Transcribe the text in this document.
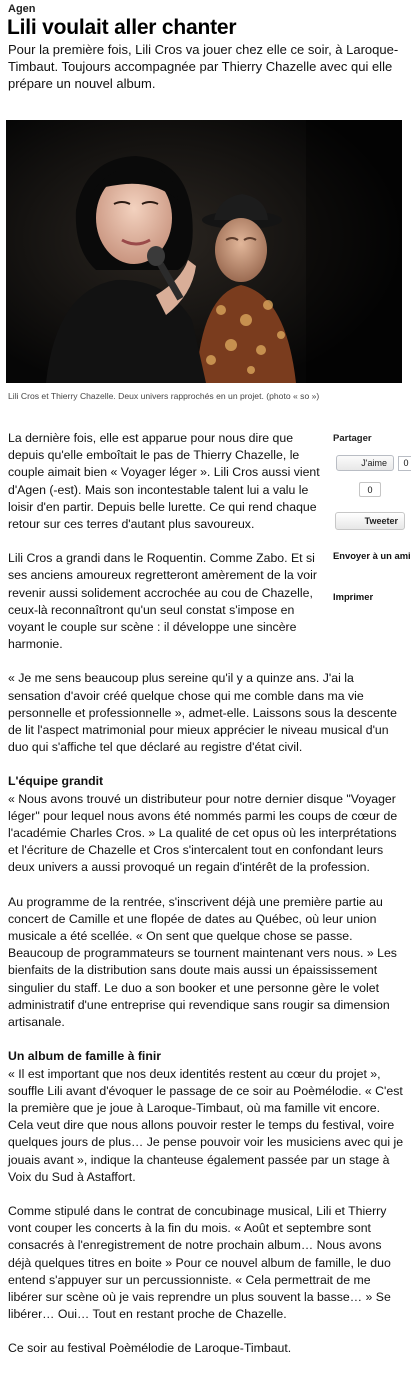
Agen
Lili voulait aller chanter

Pour la première fois, Lili Cros va jouer chez elle ce soir, à Laroque-Timbaut. Toujours accompagnée par Thierry Chazelle avec qui elle prépare un nouvel album.

Lili Cros et Thierry Chazelle. Deux univers rapprochés en un projet. (photo « so »)

La dernière fois, elle est apparue pour nous dire que depuis qu'elle emboîtait le pas de Thierry Chazelle, le couple aimait bien « Voyager léger ». Lili Cros aussi vient d'Agen (-est). Mais son incontestable talent lui a valu le loisir d'en partir. Depuis belle lurette. Ce qui rend chaque retour sur ces terres d'autant plus savoureux.

Lili Cros a grandi dans le Roquentin. Comme Zabo. Et si ses anciens amoureux regretteront amèrement de la voir revenir aussi solidement accrochée au cou de Chazelle, ceux-là reconnaîtront qu'un seul constat s'impose en voyant le couple sur scène : il développe une sincère harmonie.

« Je me sens beaucoup plus sereine qu'il y a quinze ans. J'ai la sensation d'avoir créé quelque chose qui me comble dans ma vie personnelle et professionnelle », admet-elle. Laissons sous la descente de lit l'aspect matrimonial pour mieux apprécier le niveau musical d'un duo qui s'affiche tel que déclaré au registre d'état civil.

L'équipe grandit

« Nous avons trouvé un distributeur pour notre dernier disque "Voyager léger" pour lequel nous avons été nommés parmi les coups de cœur de l'académie Charles Cros. » La qualité de cet opus où les interprétations et l'écriture de Chazelle et Cros s'intercalent tout en confondant leurs deux univers a aussi provoqué un regain d'intérêt de la profession.

Au programme de la rentrée, s'inscrivent déjà une première partie au concert de Camille et une flopée de dates au Québec, où leur union musicale a été scellée. « On sent que quelque chose se passe. Beaucoup de programmateurs se tournent maintenant vers nous. » Les bienfaits de la distribution sans doute mais aussi un épaississement singulier du staff. Le duo a son booker et une personne gère le volet administratif d'une entreprise qui revendique sans rougir sa dimension artisanale.

Un album de famille à finir

« Il est important que nos deux identités restent au cœur du projet », souffle Lili avant d'évoquer le passage de ce soir au Poèmélodie. « C'est la première que je joue à Laroque-Timbaut, où ma famille vit encore. Cela veut dire que nous allons pouvoir rester le temps du festival, voire quelques jours de plus… Je pense pouvoir voir les musiciens avec qui je jouais avant », indique la chanteuse également passée par un stage à Voix du Sud à Astaffort.

Comme stipulé dans le contrat de concubinage musical, Lili et Thierry vont couper les concerts à la fin du mois. « Août et septembre sont consacrés à l'enregistrement de notre prochain album… Nous avons déjà quelques titres en boite » Pour ce nouvel album de famille, le duo entend s'appuyer sur un percussionniste. « Cela permettrait de me libérer sur scène où je vais reprendre un plus souvent la basse… » Se libérer… Oui… Tout en restant proche de Chazelle.

Ce soir au festival Poèmélodie de Laroque-Timbaut.

Partager
J'aime	0
0
Tweeter
Envoyer à un ami
Imprimer
